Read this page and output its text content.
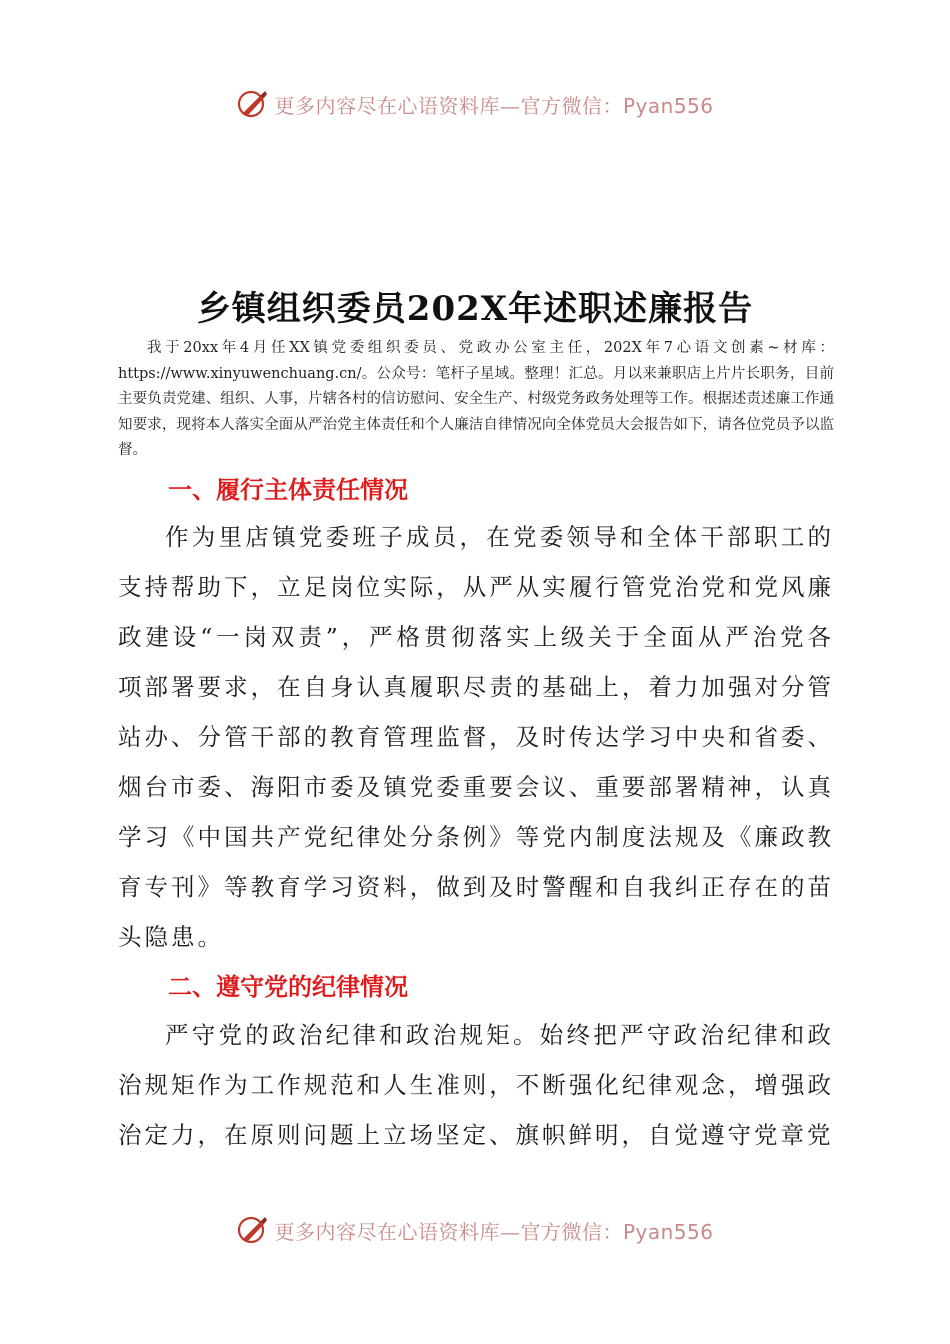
更多内容尽在心语资料库—官方微信：Pyan556
乡镇组织委员202X年述职述廉报告

我于20xx年4月任XX镇党委组织委员、党政办公室主任，202X年7心语文创素~材库：https://www.xinyuwenchuang.cn/。公众号：笔杆子星域。整理！汇总。月以来兼职店上片片长职务，目前主要负责党建、组织、人事，片辖各村的信访慰问、安全生产、村级党务政务处理等工作。根据述责述廉工作通知要求，现将本人落实全面从严治党主体责任和个人廉洁自律情况向全体党员大会报告如下，请各位党员予以监督。

一、履行主体责任情况

作为里店镇党委班子成员，在党委领导和全体干部职工的支持帮助下，立足岗位实际，从严从实履行管党治党和党风廉政建设“一岗双责”，严格贯彻落实上级关于全面从严治党各项部署要求，在自身认真履职尽责的基础上，着力加强对分管站办、分管干部的教育管理监督，及时传达学习中央和省委、烟台市委、海阳市委及镇党委重要会议、重要部署精神，认真学习《中国共产党纪律处分条例》等党内制度法规及《廉政教育专刊》等教育学习资料，做到及时警醒和自我纠正存在的苗头隐患。

二、遵守党的纪律情况

严守党的政治纪律和政治规矩。始终把严守政治纪律和政治规矩作为工作规范和人生准则，不断强化纪律观念，增强政治定力，在原则问题上立场坚定、旗帜鲜明，自觉遵守党章党

更多内容尽在心语资料库—官方微信：Pyan556
